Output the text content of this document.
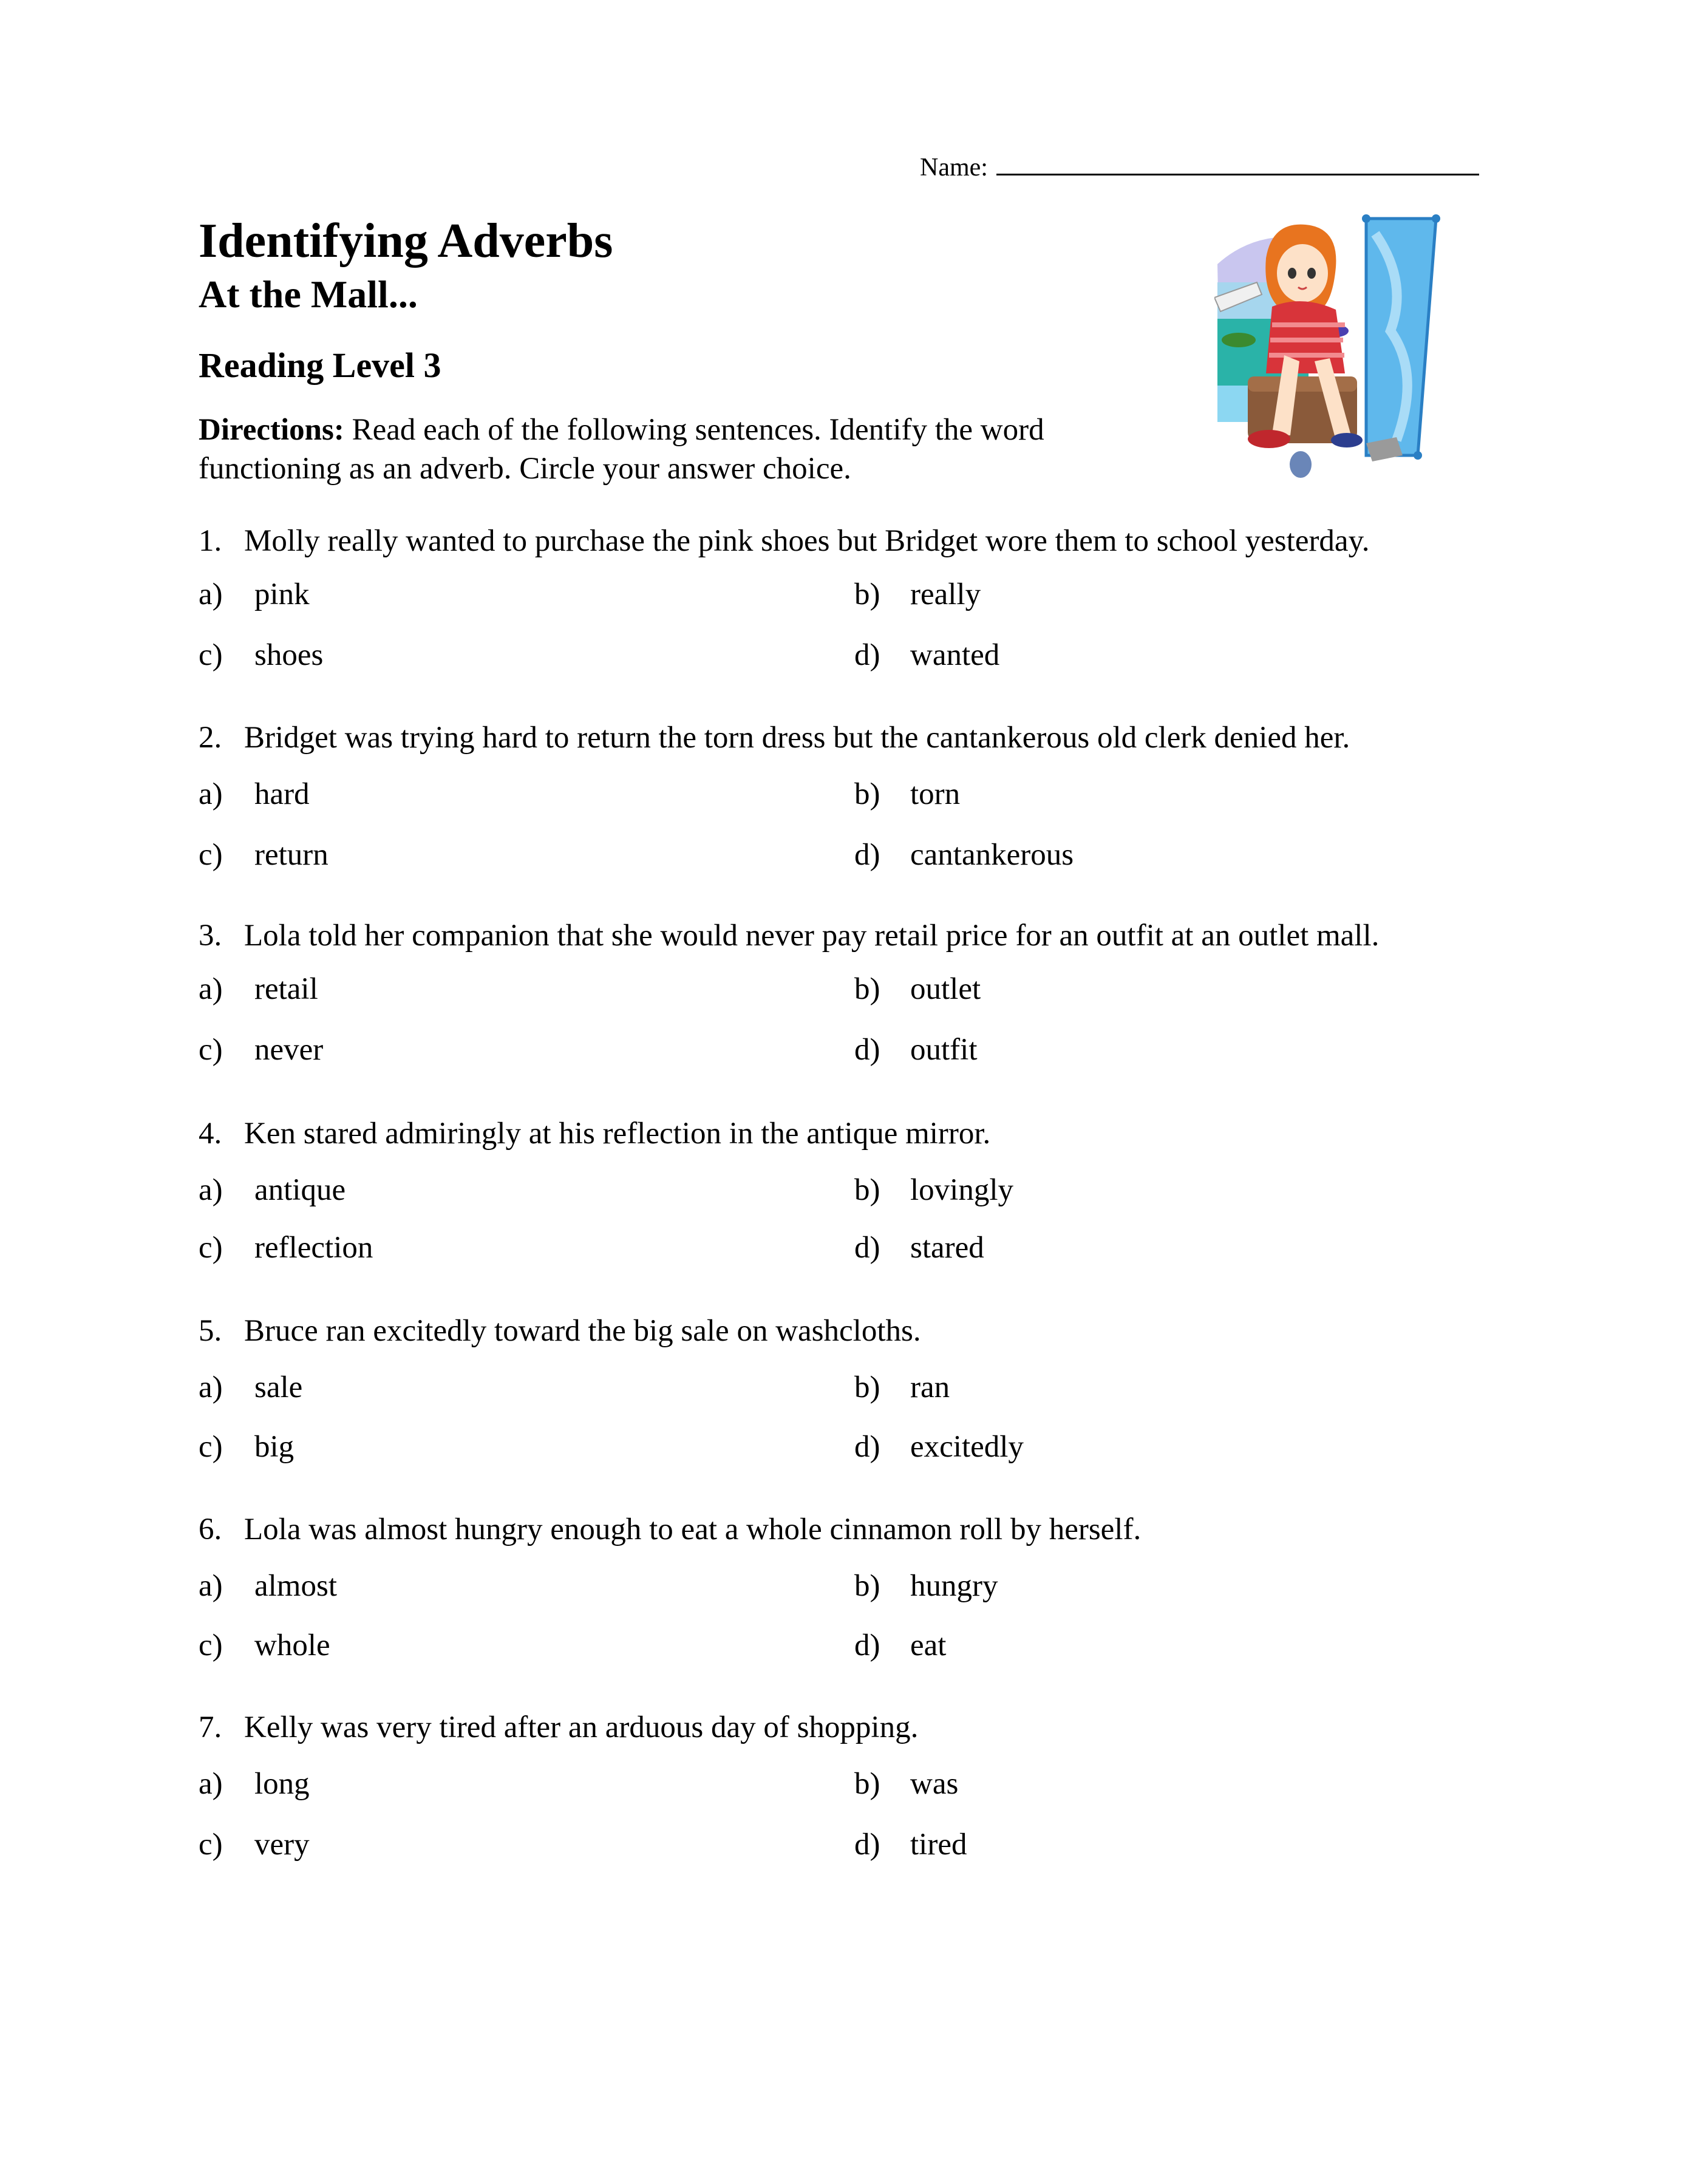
Name:
Identifying Adverbs
At the Mall...
Reading Level 3
Directions: Read each of the following sentences. Identify the word functioning as an adverb. Circle your answer choice.
1. Molly really wanted to purchase the pink shoes but Bridget wore them to school yesterday.
a)	pink	b) really
c)	shoes	d) wanted
2. Bridget was trying hard to return the torn dress but the cantankerous old clerk denied her.
a)	hard	b) torn
c)	return	d) cantankerous
3. Lola told her companion that she would never pay retail price for an outfit at an outlet mall.
a)	retail	b) outlet
c)	never	d) outfit
4. Ken stared admiringly at his reflection in the antique mirror.
a)	antique	b) lovingly
c)	reflection	d) stared
5. Bruce ran excitedly toward the big sale on washcloths.
a)	sale	b) ran
c)	big	d) excitedly
6. Lola was almost hungry enough to eat a whole cinnamon roll by herself.
a)	almost	b) hungry
c)	whole	d) eat
7. Kelly was very tired after an arduous day of shopping.
a)	long	b) was
c)	very	d) tired
